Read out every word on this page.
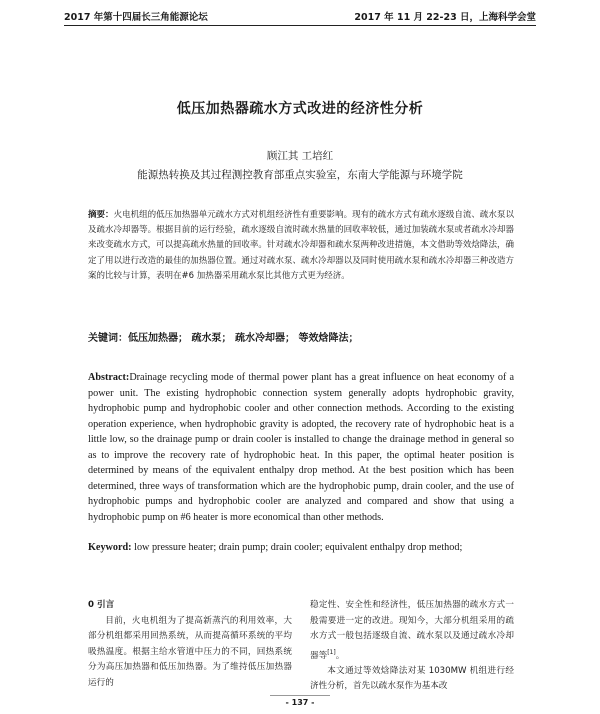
2017 年第十四届长三角能源论坛	2017 年 11 月 22-23 日，上海科学会堂
低压加热器疏水方式改进的经济性分析
顾江其 工培红
能源热转换及其过程测控教育部重点实验室，东南大学能源与环境学院
摘要：火电机组的低压加热器单元疏水方式对机组经济性有重要影响。现有的疏水方式有疏水逐级自流、疏水泵以及疏水冷却器等。根据目前的运行经验，疏水逐级自流时疏水热量的回收率较低，通过加装疏水泵或者疏水冷却器来改变疏水方式，可以提高疏水热量的回收率。针对疏水冷却器和疏水泵两种改进措施，本文借助等效焓降法，确定了用以进行改造的最佳的加热器位置。通过对疏水泵、疏水冷却器以及同时使用疏水泵和疏水冷却器三种改造方案的比较与计算，表明在#6 加热器采用疏水泵比其他方式更为经济。
关键词：低压加热器； 疏水泵； 疏水冷却器； 等效焓降法；
Abstract:Drainage recycling mode of thermal power plant has a great influence on heat economy of a power unit. The existing hydrophobic connection system generally adopts hydrophobic gravity, hydrophobic pump and hydrophobic cooler and other connection methods. According to the existing operation experience, when hydrophobic gravity is adopted, the recovery rate of hydrophobic heat is a little low, so the drainage pump or drain cooler is installed to change the drainage method in general so as to improve the recovery rate of hydrophobic heat. In this paper, the optimal heater position is determined by means of the equivalent enthalpy drop method. At the best position which has been determined, three ways of transformation which are the hydrophobic pump, drain cooler, and the use of hydrophobic pumps and hydrophobic cooler are analyzed and compared and show that using a hydrophobic pump on #6 heater is more economical than other methods.
Keyword: low pressure heater; drain pump; drain cooler; equivalent enthalpy drop method;
0 引言
目前，火电机组为了提高新蒸汽的利用效率，大部分机组都采用回热系统，从而提高循环系统的平均吸热温度。根据主给水管道中压力的不同，回热系统分为高压加热器和低压加热器。为了维持低压加热器运行的
稳定性、安全性和经济性，低压加热器的疏水方式一般需要进一定的改进。现知今，大部分机组采用的疏水方式一般包括逐级自流、疏水泵以及通过疏水冷却器等[1]。
本文通过等效焓降法对某 1030MW 机组进行经济性分析，首先以疏水泵作为基本改
- 137 -
